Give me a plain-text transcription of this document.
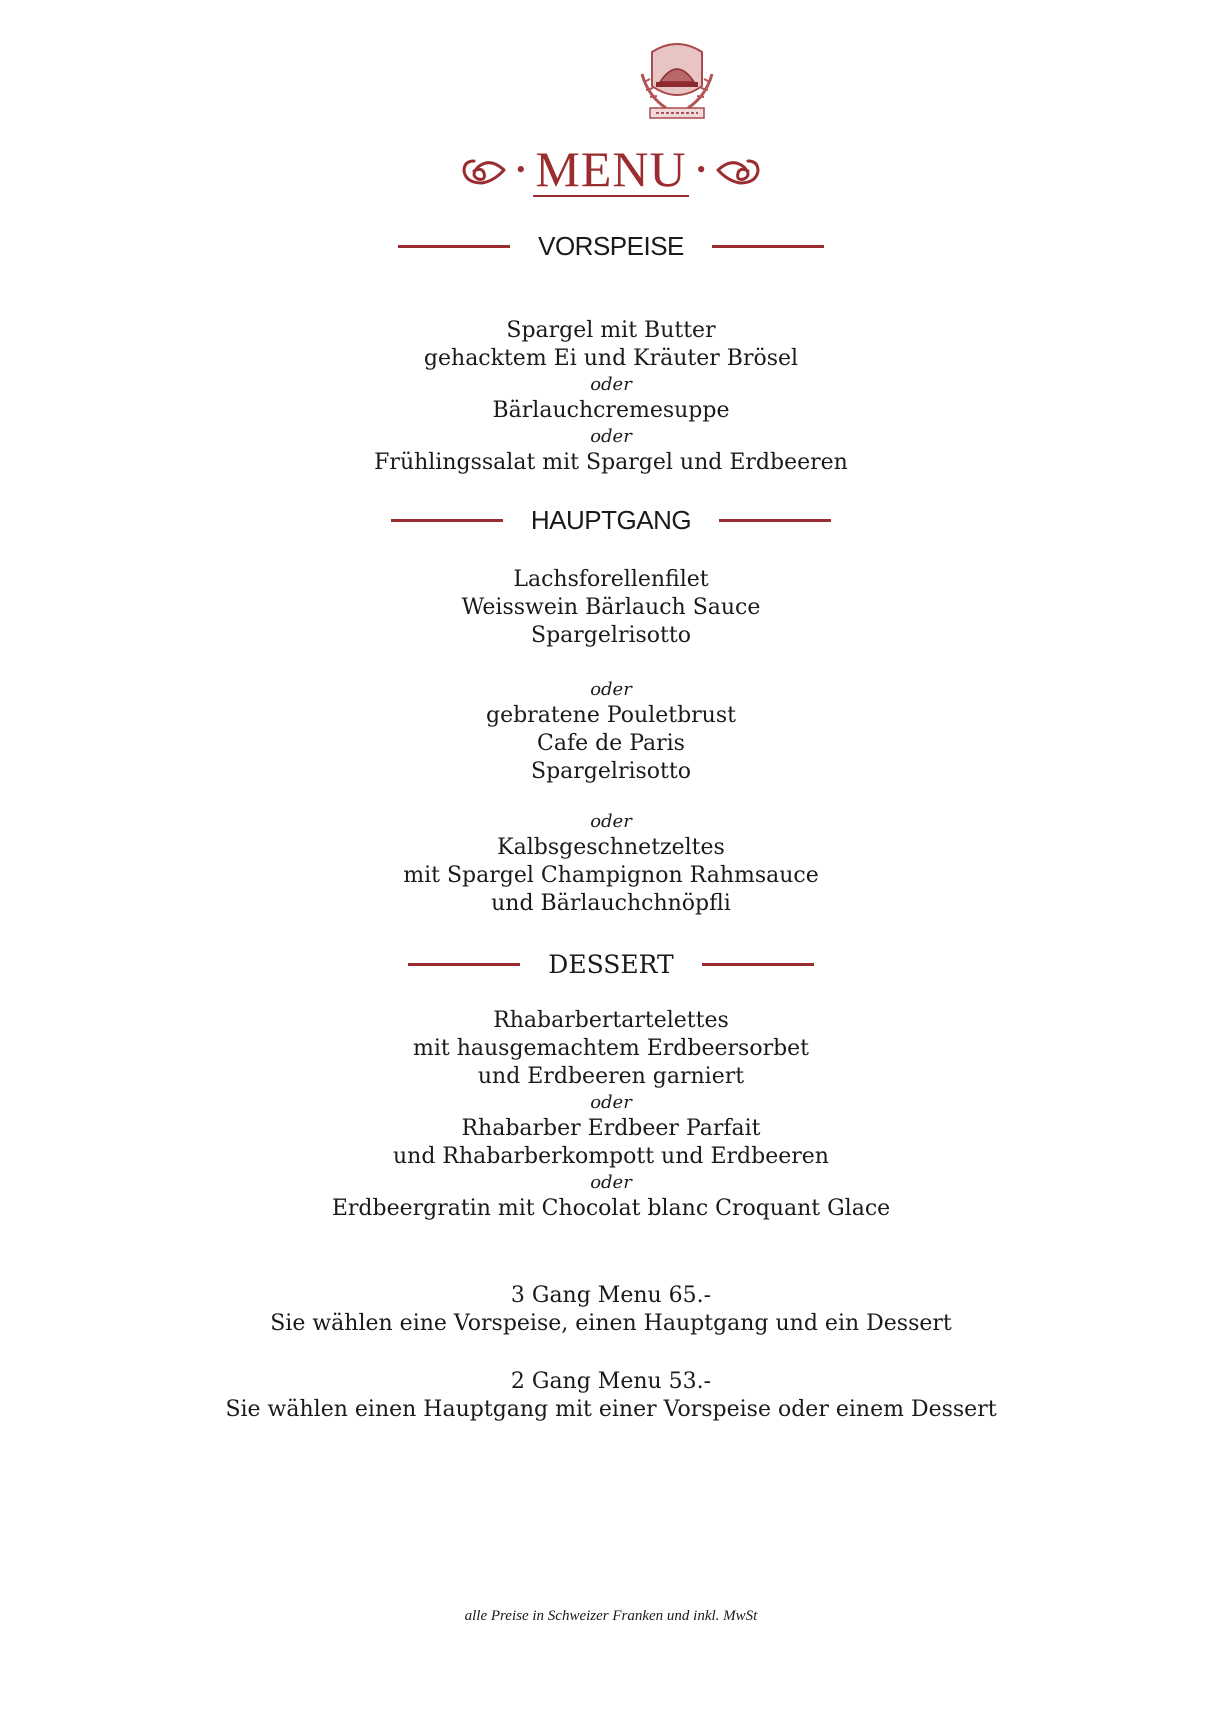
• MENU •
VORSPEISE
Spargel mit Butter
gehacktem Ei und Kräuter Brösel
oder
Bärlauchcremesuppe
oder
Frühlingssalat mit Spargel und Erdbeeren
HAUPTGANG
Lachsforellenfilet
Weisswein Bärlauch Sauce
Spargelrisotto
oder
gebratene Pouletbrust
Cafe de Paris
Spargelrisotto
oder
Kalbsgeschnetzeltes
mit Spargel Champignon Rahmsauce
und Bärlauchchnöpfli
DESSERT
Rhabarbertartelettes
mit hausgemachtem Erdbeersorbet
und Erdbeeren garniert
oder
Rhabarber Erdbeer Parfait
und Rhabarberkompott und Erdbeeren
oder
Erdbeergratin mit Chocolat blanc Croquant Glace
3 Gang Menu 65.-
Sie wählen eine Vorspeise, einen Hauptgang und ein Dessert
2 Gang Menu 53.-
Sie wählen einen Hauptgang mit einer Vorspeise oder einem Dessert
alle Preise in Schweizer Franken und inkl. MwSt
